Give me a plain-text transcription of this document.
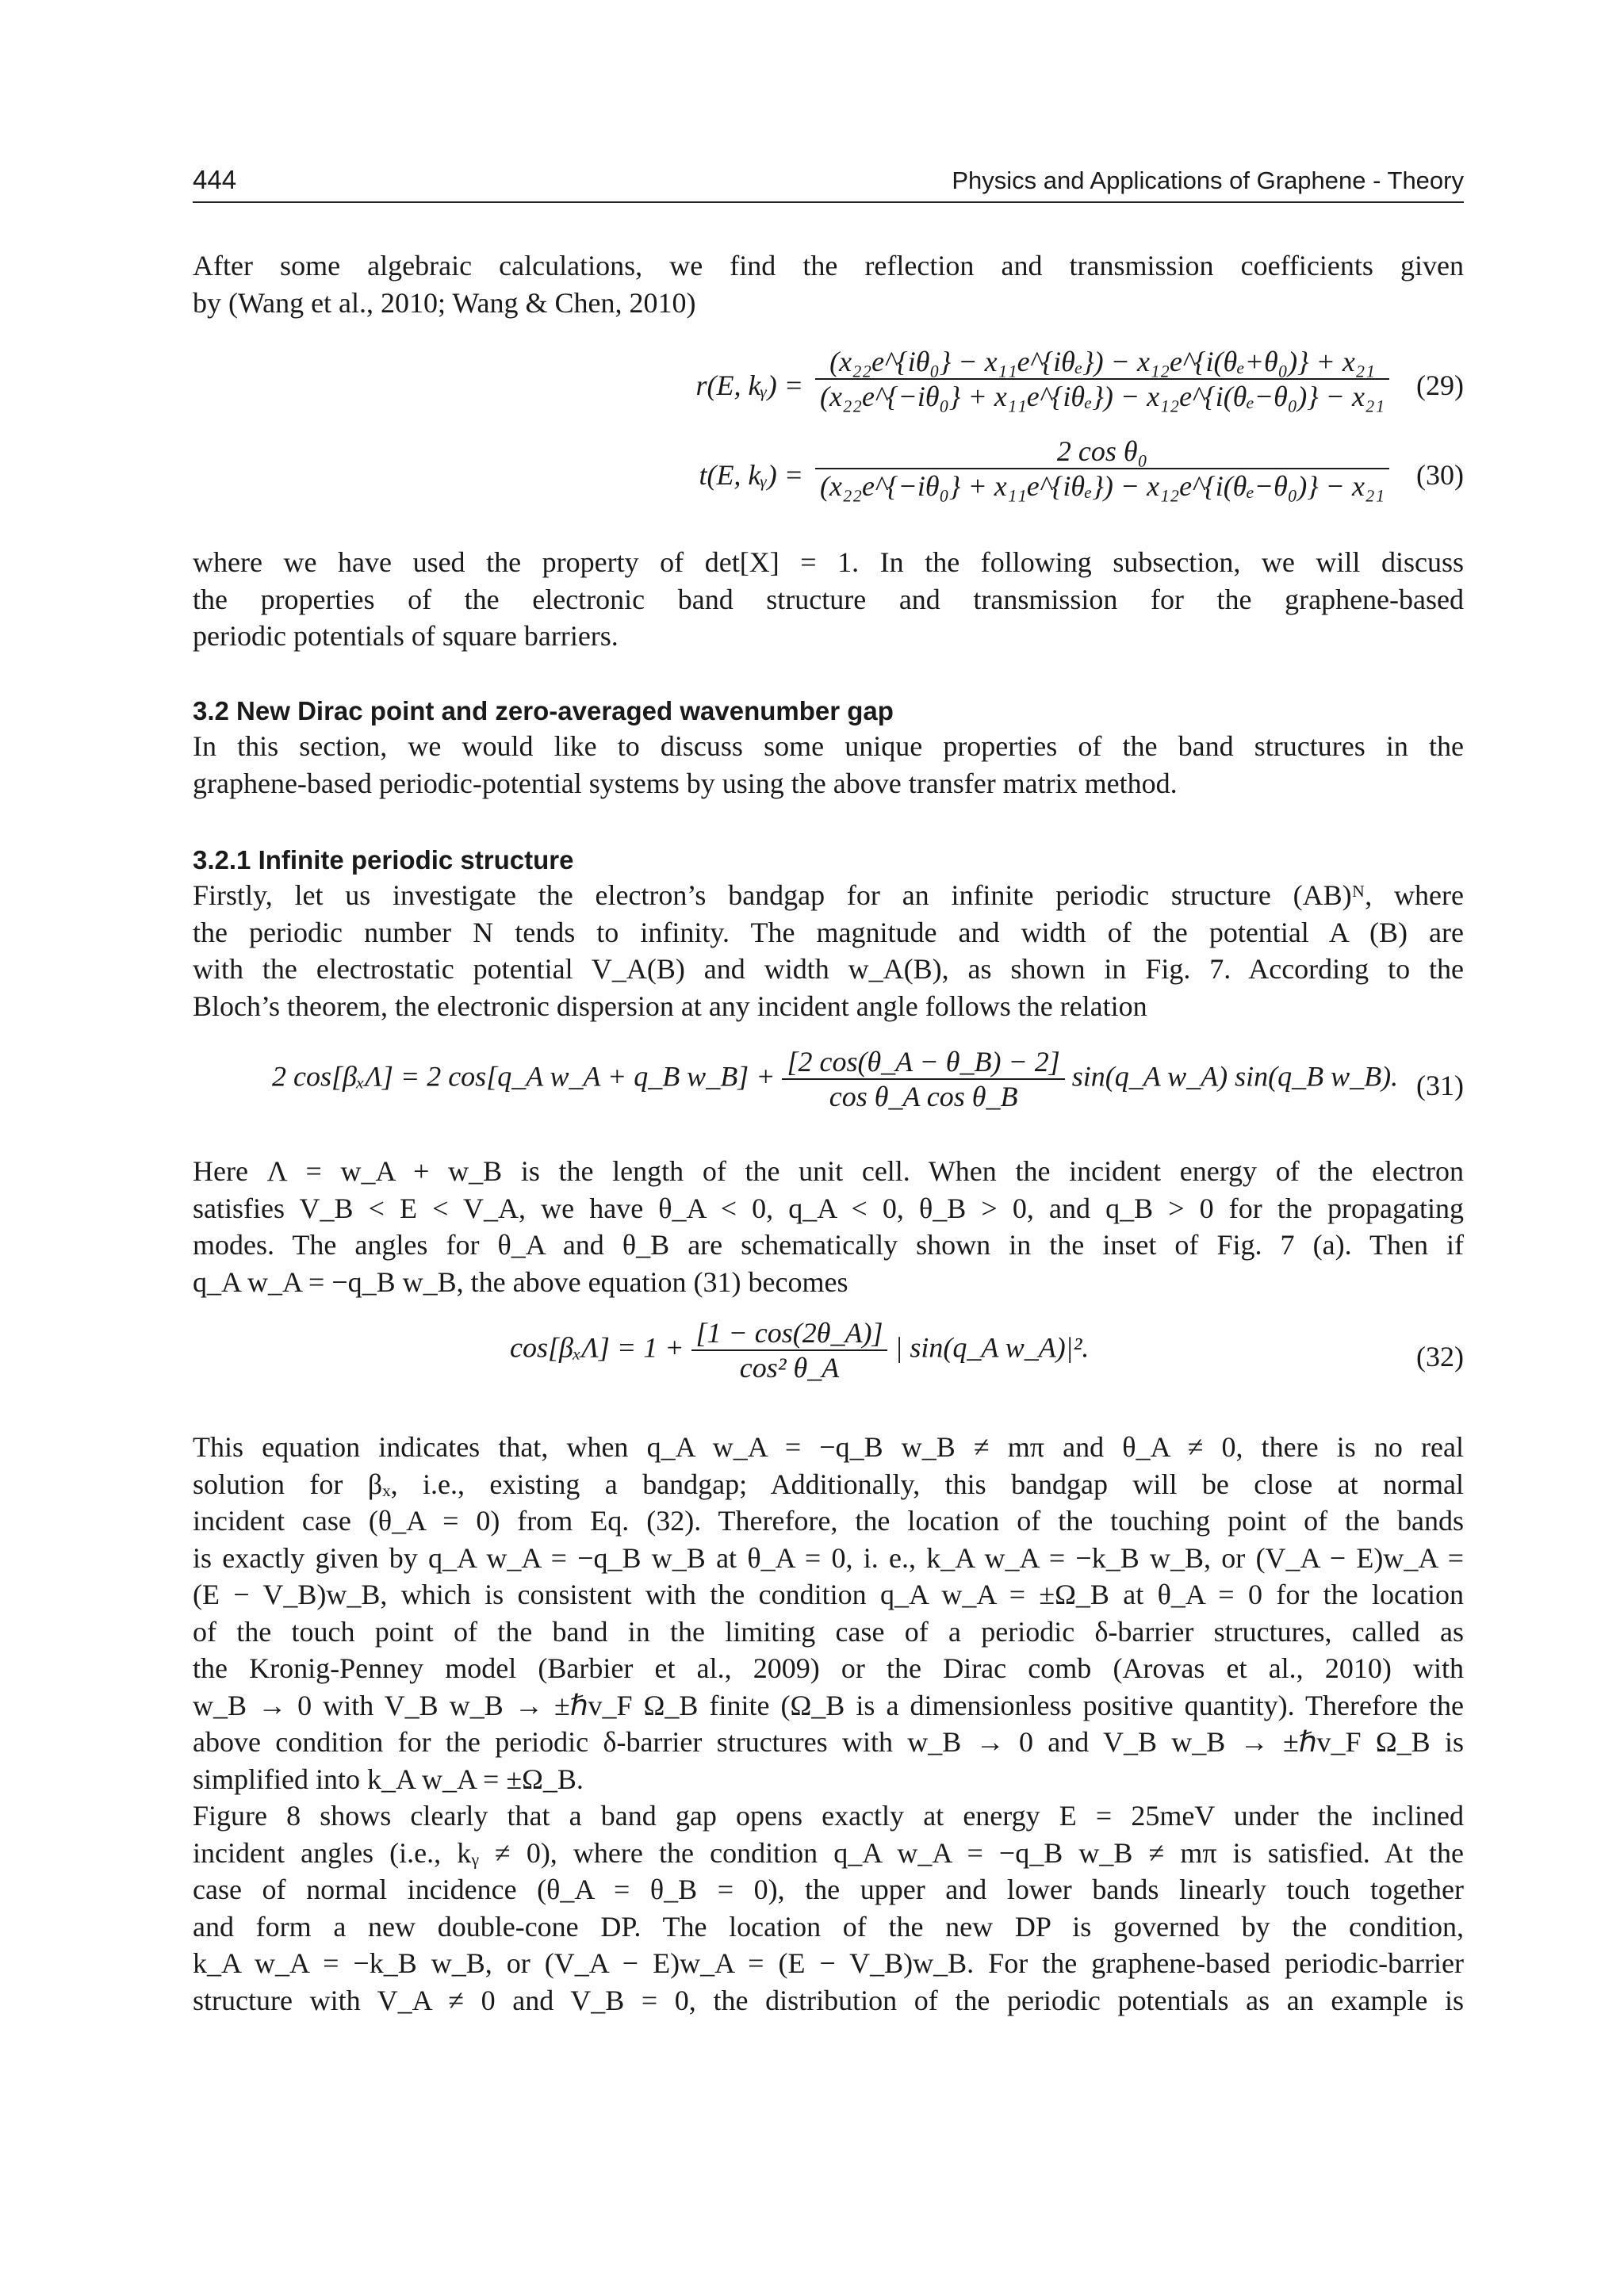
444	Physics and Applications of Graphene - Theory
After some algebraic calculations, we find the reflection and transmission coefficients given
by (Wang et al., 2010; Wang & Chen, 2010)
r(E, kᵧ) = $\frac{\text{(x₂₂e\textasciicircum{}\{iθ₀\} − x₁₁e\textasciicircum{}\{iθₑ\}) − x₁₂e\textasciicircum{}\{i(θₑ+θ₀)\} + x₂₁}}{\text{(x₂₂e\textasciicircum{}\{−iθ₀\} + x₁₁e\textasciicircum{}\{iθₑ\}) − x₁₂e\textasciicircum{}\{i(θₑ−θ₀)\} − x₂₁}} (29)$
t(E, kᵧ) = $\frac{\text{2 cos θ₀}}{\text{(x₂₂e\textasciicircum{}\{−iθ₀\} + x₁₁e\textasciicircum{}\{iθₑ\}) − x₁₂e\textasciicircum{}\{i(θₑ−θ₀)\} − x₂₁}} (30)$
where we have used the property of det[X] = 1. In the following subsection, we will discuss
the properties of the electronic band structure and transmission for the graphene-based
periodic potentials of square barriers.
3.2 New Dirac point and zero-averaged wavenumber gap
In this section, we would like to discuss some unique properties of the band structures in the
graphene-based periodic-potential systems by using the above transfer matrix method.
3.2.1 Infinite periodic structure
Firstly, let us investigate the electron’s bandgap for an infinite periodic structure (AB)ᴺ, where
the periodic number N tends to infinity. The magnitude and width of the potential A (B) are
with the electrostatic potential V_A(B) and width w_A(B), as shown in Fig. 7. According to the
Bloch’s theorem, the electronic dispersion at any incident angle follows the relation
2 cos[βₓΛ] = 2 cos[q_A w_A + q_B w_B] + $\frac{[2 \cos(\theta\_A - \theta\_B) - 2]}{\text{cos θ\_A cos θ\_B}}$ sin(q_A w_A) sin(q_B w_B). (31)
Here Λ = w_A + w_B is the length of the unit cell. When the incident energy of the electron
satisfies V_B < E < V_A, we have θ_A < 0, q_A < 0, θ_B > 0, and q_B > 0 for the propagating
modes. The angles for θ_A and θ_B are schematically shown in the inset of Fig. 7 (a). Then if
q_A w_A = −q_B w_B, the above equation (31) becomes
$\cos[\beta_x\Lambda] = 1 + \frac{[1 - \cos(2\theta\_A)]}{\text{cos² θ\_A}}$ | sin(q_A w_A)|².	(32)
This equation indicates that, when q_A w_A = −q_B w_B ≠ mπ and θ_A ≠ 0, there is no real
solution for βₓ, i.e., existing a bandgap; Additionally, this bandgap will be close at normal
incident case (θ_A = 0) from Eq. (32). Therefore, the location of the touching point of the bands
is exactly given by q_A w_A = −q_B w_B at θ_A = 0, i. e., k_A w_A = −k_B w_B, or (V_A − E)w_A =
(E − V_B)w_B, which is consistent with the condition q_A w_A = ±Ω_B at θ_A = 0 for the location
of the touch point of the band in the limiting case of a periodic δ-barrier structures, called as
the Kronig-Penney model (Barbier et al., 2009) or the Dirac comb (Arovas et al., 2010) with
w_B → 0 with V_B w_B → ±ℏv_F Ω_B finite (Ω_B is a dimensionless positive quantity). Therefore the
above condition for the periodic δ-barrier structures with w_B → 0 and V_B w_B → ±ℏv_F Ω_B is
simplified into k_A w_A = ±Ω_B.
Figure 8 shows clearly that a band gap opens exactly at energy E = 25meV under the inclined
incident angles (i.e., kᵧ ≠ 0), where the condition q_A w_A = −q_B w_B ≠ mπ is satisfied. At the
case of normal incidence (θ_A = θ_B = 0), the upper and lower bands linearly touch together
and form a new double-cone DP. The location of the new DP is governed by the condition,
k_A w_A = −k_B w_B, or (V_A − E)w_A = (E − V_B)w_B. For the graphene-based periodic-barrier
structure with V_A ≠ 0 and V_B = 0, the distribution of the periodic potentials as an example is
